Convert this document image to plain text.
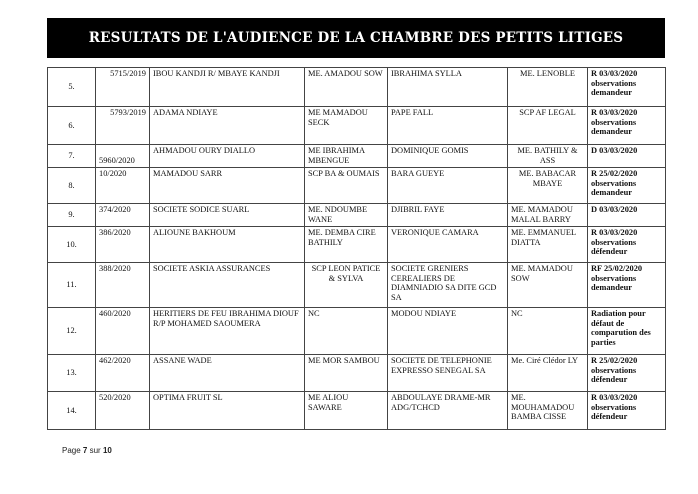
RESULTATS DE L'AUDIENCE DE LA CHAMBRE DES PETITS LITIGES
5.	5715/2019	IBOU KANDJI R/ MBAYE KANDJI	ME. AMADOU SOW	IBRAHIMA SYLLA	ME. LENOBLE	R 03/03/2020 observations demandeur
6.	5793/2019	ADAMA NDIAYE	ME MAMADOU SECK	PAPE FALL	SCP AF LEGAL	R 03/03/2020 observations demandeur
7.	5960/2020	AHMADOU OURY DIALLO	ME IBRAHIMA MBENGUE	DOMINIQUE GOMIS	ME. BATHILY & ASS	D 03/03/2020
8.	10/2020	MAMADOU SARR	SCP BA & OUMAIS	BARA GUEYE	ME. BABACAR MBAYE	R 25/02/2020 observations demandeur
9.	374/2020	SOCIETE SODICE SUARL	ME. NDOUMBE WANE	DJIBRIL FAYE	ME. MAMADOU MALAL BARRY	D 03/03/2020
10.	386/2020	ALIOUNE BAKHOUM	ME. DEMBA CIRE BATHILY	VERONIQUE CAMARA	ME. EMMANUEL DIATTA	R 03/03/2020 observations défendeur
11.	388/2020	SOCIETE ASKIA ASSURANCES	SCP LEON PATICE & SYLVA	SOCIETE GRENIERS CEREALIERS DE DIAMNIADIO SA DITE GCD SA	ME. MAMADOU SOW	RF 25/02/2020 observations demandeur
12.	460/2020	HERITIERS DE FEU IBRAHIMA DIOUF R/P MOHAMED SAOUMERA	NC	MODOU NDIAYE	NC	Radiation pour défaut de comparution des parties
13.	462/2020	ASSANE WADE	ME MOR SAMBOU	SOCIETE DE TELEPHONIE EXPRESSO SENEGAL SA	Me. Ciré Clédor LY	R 25/02/2020 observations défendeur
14.	520/2020	OPTIMA FRUIT SL	ME ALIOU SAWARE	ABDOULAYE DRAME-MR ADG/TCHCD	ME. MOUHAMADOU BAMBA CISSE	R 03/03/2020 observations défendeur
Page 7 sur 10
